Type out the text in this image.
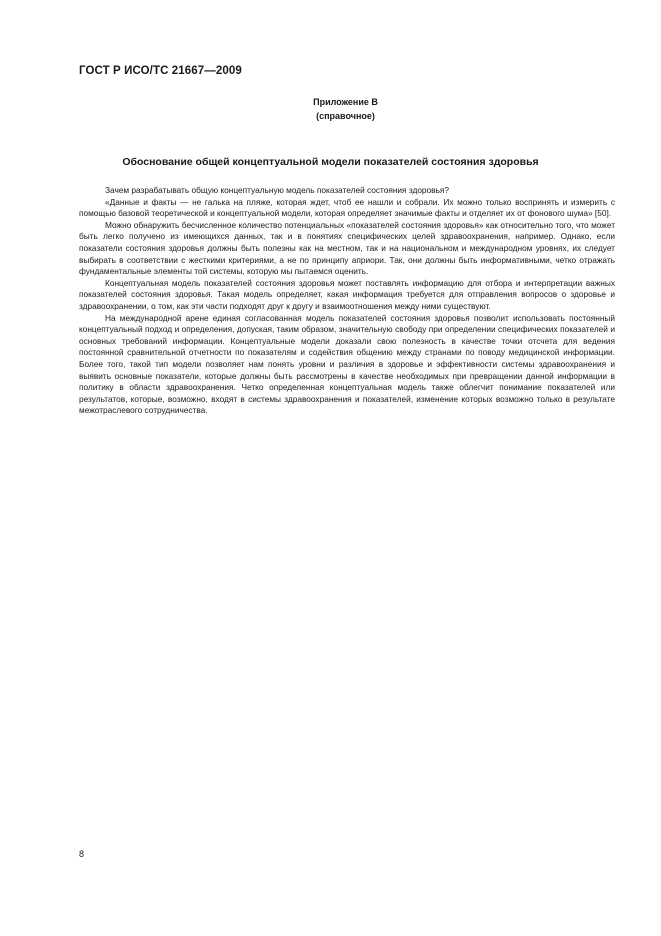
ГОСТ Р ИСО/ТС 21667—2009
Приложение В
(справочное)
Обоснование общей концептуальной модели показателей состояния здоровья

Зачем разрабатывать общую концептуальную модель показателей состояния здоровья?

«Данные и факты — не галька на пляже, которая ждет, чтоб ее нашли и собрали. Их можно только воспринять и измерить с помощью базовой теоретической и концептуальной модели, которая определяет значимые факты и отделяет их от фонового шума» [50].

Можно обнаружить бесчисленное количество потенциальных «показателей состояния здоровья» как относительно того, что может быть легко получено из имеющихся данных, так и в понятиях специфических целей здравоохранения, например. Однако, если показатели состояния здоровья должны быть полезны как на местном, так и на национальном и международном уровнях, их следует выбирать в соответствии с жесткими критериями, а не по принципу априори. Так, они должны быть информативными, четко отражать фундаментальные элементы той системы, которую мы пытаемся оценить.

Концептуальная модель показателей состояния здоровья может поставлять информацию для отбора и интерпретации важных показателей состояния здоровья. Такая модель определяет, какая информация требуется для отправления вопросов о здоровье и здравоохранении, о том, как эти части подходят друг к другу и взаимоотношения между ними существуют.

На международной арене единая согласованная модель показателей состояния здоровья позволит использовать постоянный концептуальный подход и определения, допуская, таким образом, значительную свободу при определении специфических показателей и основных требований информации. Концептуальные модели доказали свою полезность в качестве точки отсчета для ведения постоянной сравнительной отчетности по показателям и содействия общению между странами по поводу медицинской информации. Более того, такой тип модели позволяет нам понять уровни и различия в здоровье и эффективности системы здравоохранения и выявить основные показатели, которые должны быть рассмотрены в качестве необходимых при превращении данной информации в политику в области здравоохранения. Четко определенная концептуальная модель также облегчит понимание показателей или результатов, которые, возможно, входят в системы здравоохранения и показателей, изменение которых возможно только в результате межотраслевого сотрудничества.

8
